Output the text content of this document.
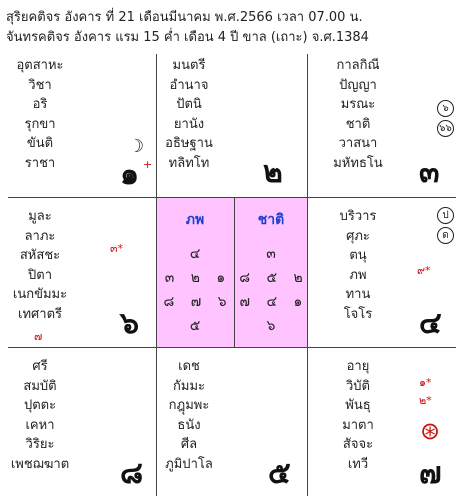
สุริยคติจร อังคาร ที่ 21 เดือนมีนาคม พ.ศ.2566 เวลา 07.00 น.
จันทรคติจร อังคาร แรม 15 ค่ำ เดือน 4 ปี ขาล (เถาะ) จ.ศ.1384
อุตสาหะ
วิชา
อริ
รุกขา
ขันติ
ราชา
☽
๑ +
มนตรี
อำนาจ
ปัตนิ
ยานัง
อธิษฐาน
ทลิทโท	๒
กาลกิณี
ปัญญา
มรณะ
ชาติ
วาสนา
มหัทธโน
๖
๖๖
๓
มูละ
ลาภะ
สหัสชะ
ปิตา
เนกขัมมะ
เทศาตรี
๓*
๗	๖
ภพ
๔
๓ ๒ ๑
๘ ๗ ๖
๕
ชาติ
๓
๘ ๕ ๒
๗ ๔ ๑
๖
บริวาร
ศุภะ
ตนุ
ภพ
ทาน
โจโร
ป
ด
๙*
๔
ศรี
สมบัติ
ปุตตะ
เคหา
วิริยะ
เพชฌฆาต ๘
เดช
กัมมะ
กฎุมพะ
ธนัง
ศีล
ภูมิปาโล ๕
อายุ
วิบัติ
พันธุ
มาตา
สัจจะ
เทวี
๑*
๒*
⊛
๗
